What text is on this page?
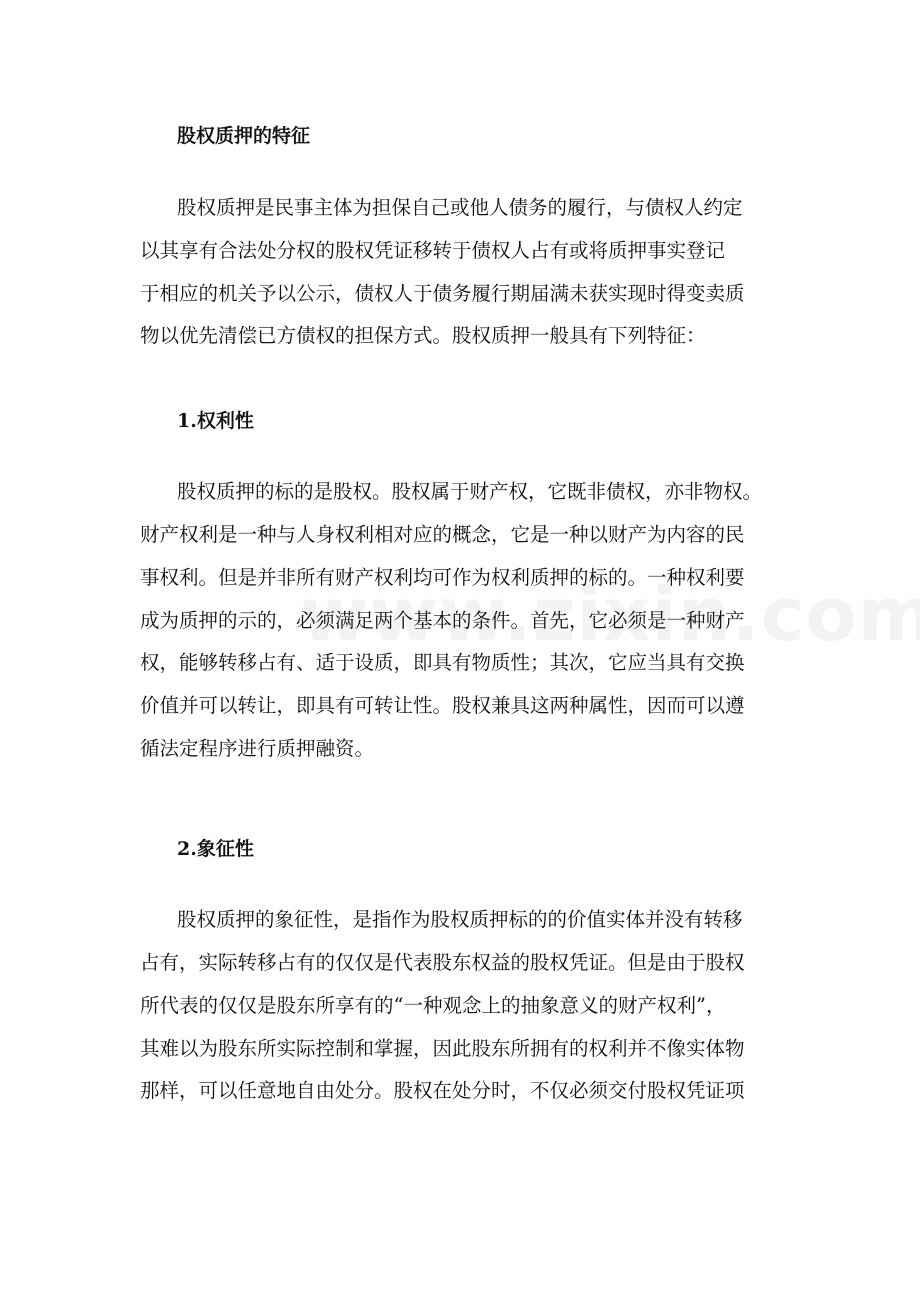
股权质押的特征

股权质押是民事主体为担保自己或他人债务的履行，与债权人约定

以其享有合法处分权的股权凭证移转于债权人占有或将质押事实登记

于相应的机关予以公示，债权人于债务履行期届满未获实现时得变卖质

物以优先清偿已方债权的担保方式。股权质押一般具有下列特征：

1.权利性

股权质押的标的是股权。股权属于财产权，它既非债权，亦非物权。

财产权利是一种与人身权利相对应的概念，它是一种以财产为内容的民

事权利。但是并非所有财产权利均可作为权利质押的标的。一种权利要

成为质押的示的，必须满足两个基本的条件。首先，它必须是一种财产

权，能够转移占有、适于设质，即具有物质性；其次，它应当具有交换

价值并可以转让，即具有可转让性。股权兼具这两种属性，因而可以遵

循法定程序进行质押融资。

2.象征性

股权质押的象征性，是指作为股权质押标的的价值实体并没有转移

占有，实际转移占有的仅仅是代表股东权益的股权凭证。但是由于股权

所代表的仅仅是股东所享有的“一种观念上的抽象意义的财产权利”，

其难以为股东所实际控制和掌握，因此股东所拥有的权利并不像实体物

那样，可以任意地自由处分。股权在处分时，不仅必须交付股权凭证项
